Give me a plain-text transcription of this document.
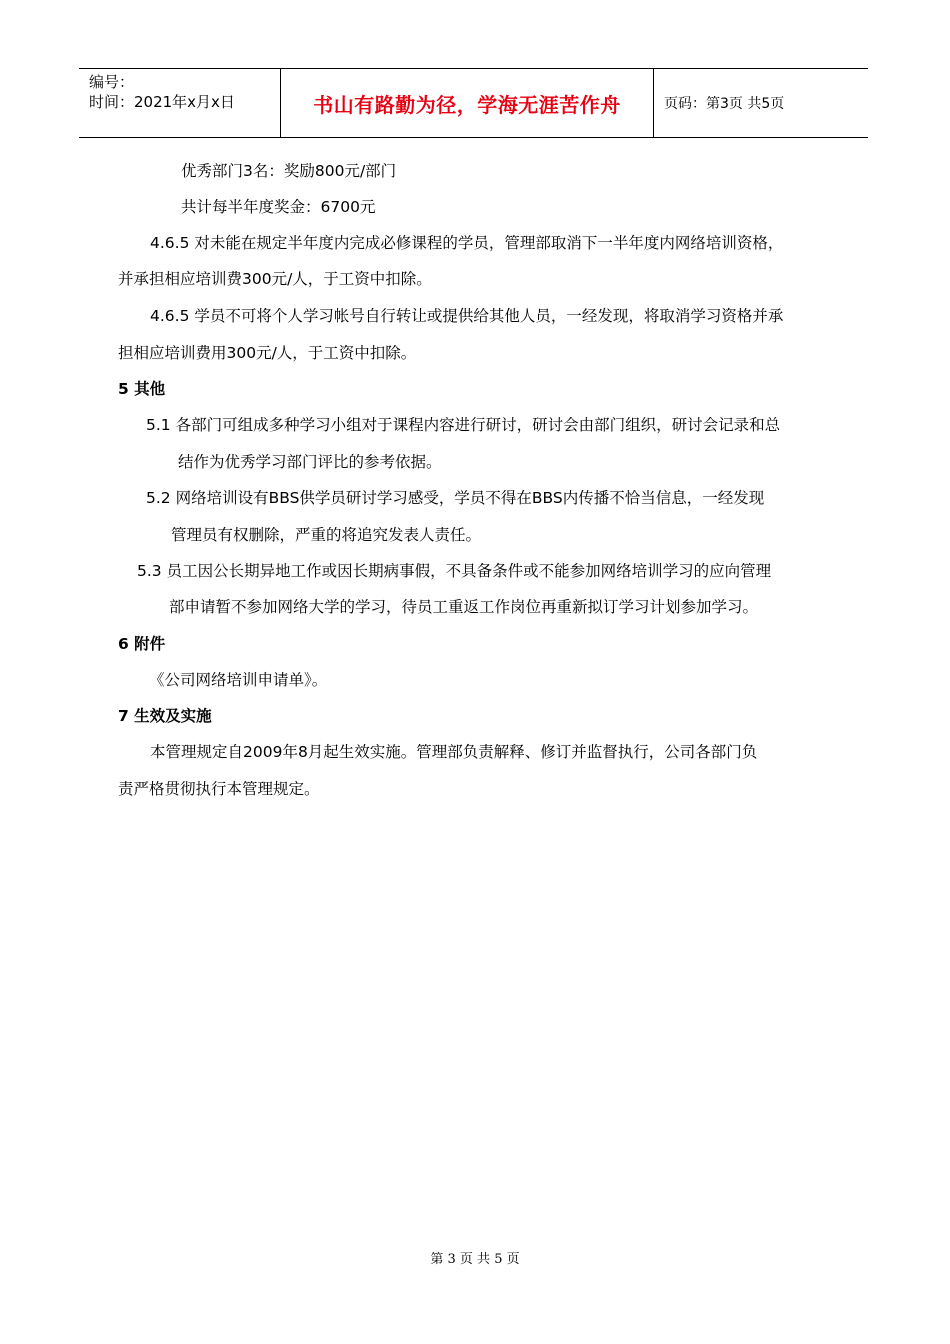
编号：
时间：2021年x月x日	书山有路勤为径，学海无涯苦作舟	页码：第3页 共5页
优秀部门3名：奖励800元/部门
共计每半年度奖金：6700元
4.6.5 对未能在规定半年度内完成必修课程的学员，管理部取消下一半年度内网络培训资格，
并承担相应培训费300元/人，于工资中扣除。
4.6.5 学员不可将个人学习帐号自行转让或提供给其他人员，一经发现，将取消学习资格并承
担相应培训费用300元/人，于工资中扣除。
5 其他
5.1 各部门可组成多种学习小组对于课程内容进行研讨，研讨会由部门组织，研讨会记录和总
结作为优秀学习部门评比的参考依据。
5.2 网络培训设有BBS供学员研讨学习感受，学员不得在BBS内传播不恰当信息，一经发现
管理员有权删除，严重的将追究发表人责任。
5.3 员工因公长期异地工作或因长期病事假，不具备条件或不能参加网络培训学习的应向管理
部申请暂不参加网络大学的学习，待员工重返工作岗位再重新拟订学习计划参加学习。
6 附件
《公司网络培训申请单》。
7 生效及实施
本管理规定自2009年8月起生效实施。管理部负责解释、修订并监督执行，公司各部门负
责严格贯彻执行本管理规定。
第 3 页 共 5 页
